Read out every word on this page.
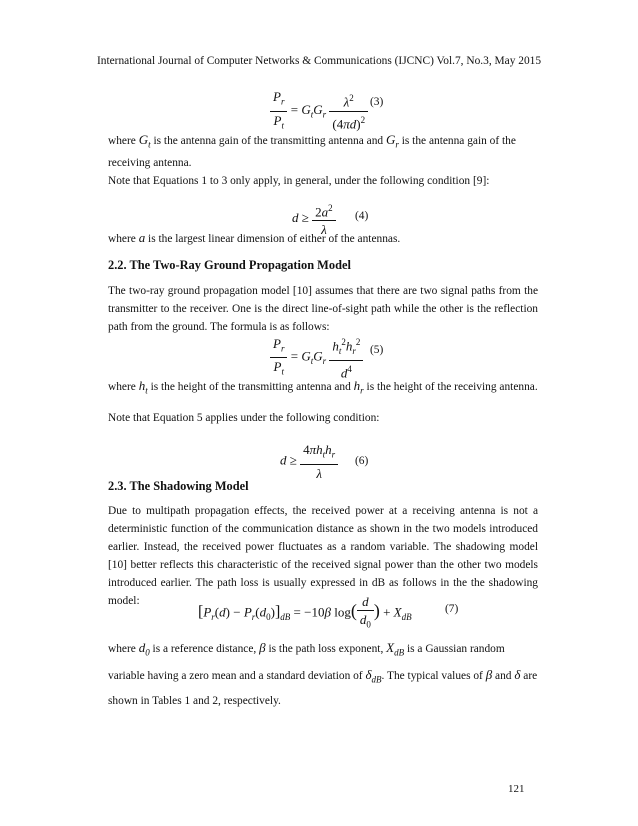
International Journal of Computer Networks & Communications (IJCNC) Vol.7, No.3, May 2015
$\frac{P_r}{P_t} = G_tG_r \frac{\lambda^2}{(4\pi d)^2} (3)$
where $G_t$ is the antenna gain of the transmitting antenna and $G_r$ is the antenna gain of the
receiving antenna.
Note that Equations 1 to 3 only apply, in general, under the following condition [9]:
$d \ge \frac{2a^2}{\lambda} (4)$
where a is the largest linear dimension of either of the antennas.
2.2. The Two-Ray Ground Propagation Model
The two-ray ground propagation model [10] assumes that there are two signal paths from the transmitter to the receiver. One is the direct line-of-sight path while the other is the reflection path from the ground. The formula is as follows:
$\frac{P_r}{P_t} = G_tG_r \frac{h_t^2h_r^2}{d^4} (5)$
where $h_t$ is the height of the transmitting antenna and $h_r$ is the height of the receiving antenna.
Note that Equation 5 applies under the following condition:
$d \ge \frac{4\pi h_th_r}{\lambda} (6)$
2.3. The Shadowing Model
Due to multipath propagation effects, the received power at a receiving antenna is not a deterministic function of the communication distance as shown in the two models introduced earlier. Instead, the received power fluctuates as a random variable. The shadowing model [10] better reflects this characteristic of the received signal power than the other two models introduced earlier. The path loss is usually expressed in dB as follows in the the shadowing model:
$[P_r(d) - P_r(d_0)]_{dB} = -10\beta$ $\log( \frac{d}{d_0}$ ) + $X_{dB}$
(7)
where $d_0$ is a reference distance, β is the path loss exponent, $X_{dB}$ is a Gaussian random
variable having a zero mean and a standard deviation of $\delta_{dB}$. The typical values of β and δ are
shown in Tables 1 and 2, respectively.
121
